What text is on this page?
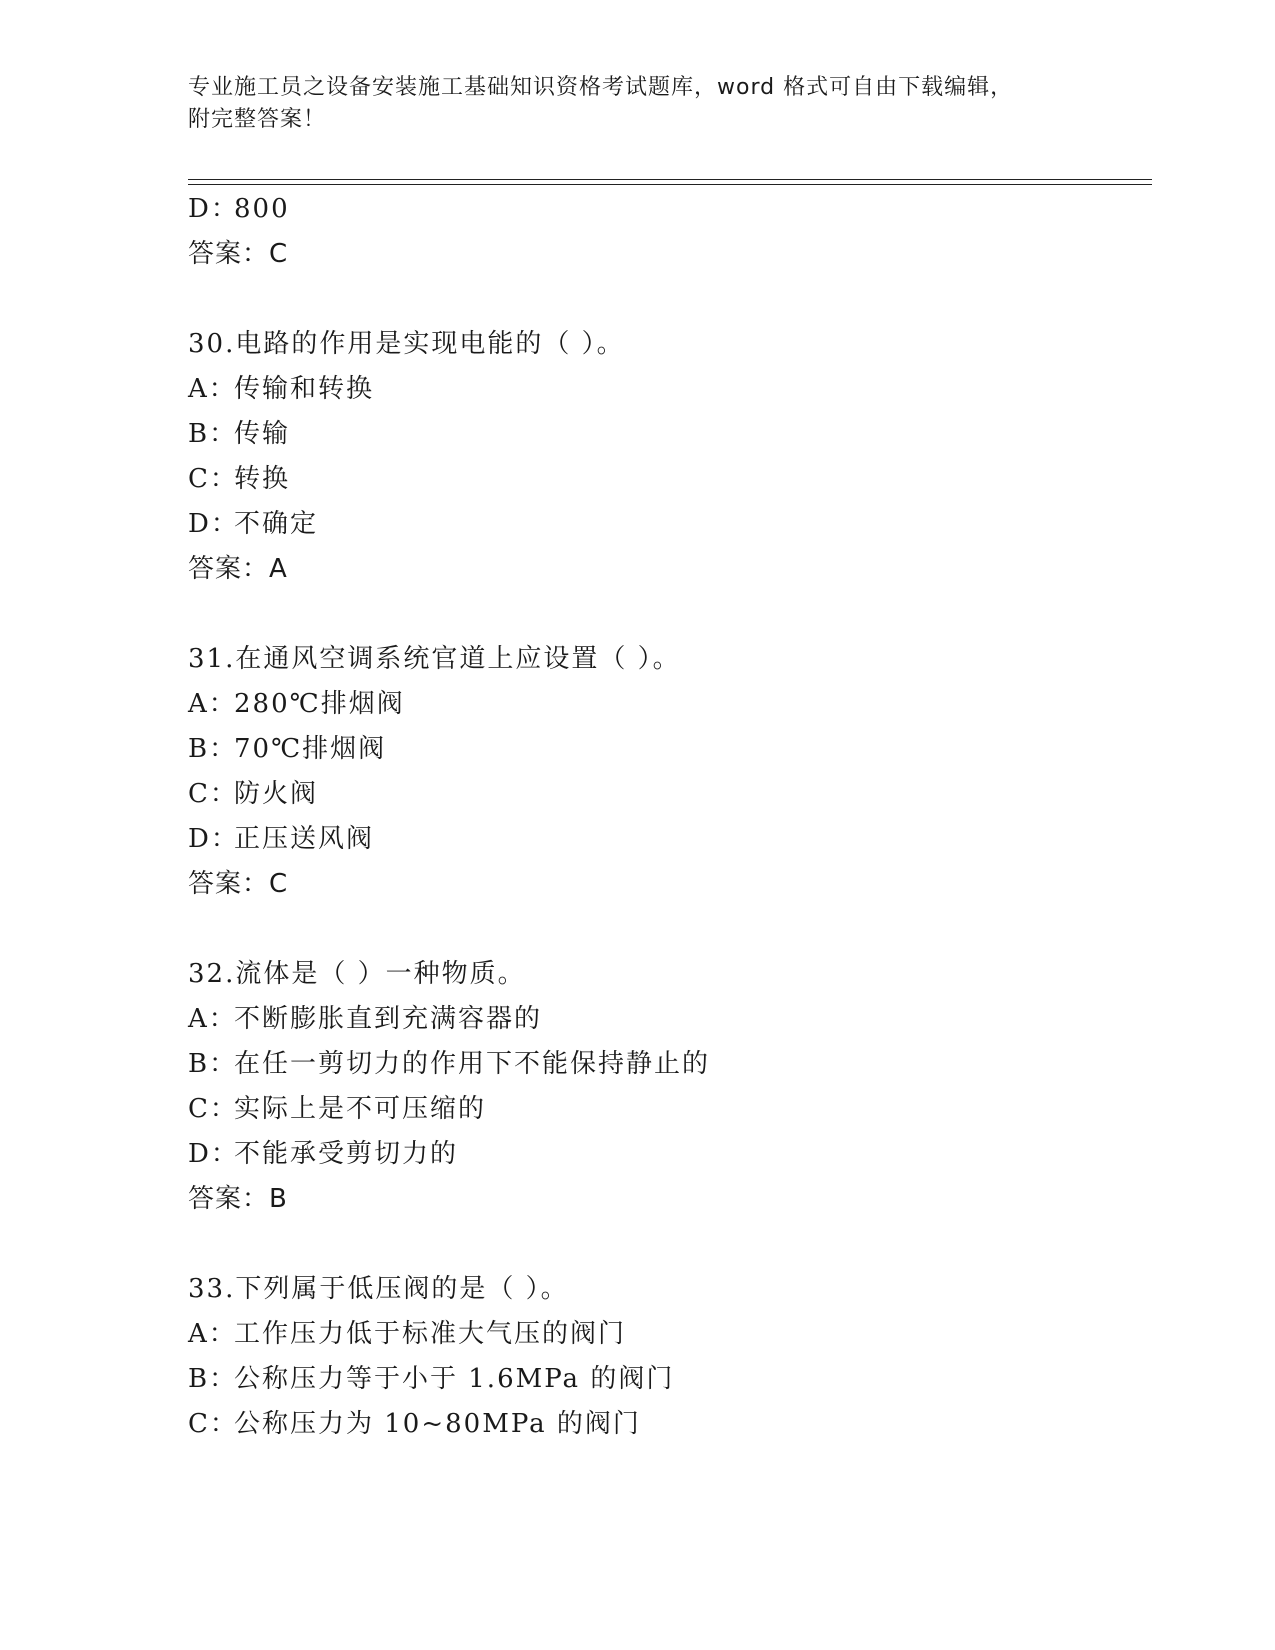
专业施工员之设备安装施工基础知识资格考试题库，word 格式可自由下载编辑，
附完整答案！
D：800
答案：C
30.电路的作用是实现电能的（ ）。
A：传输和转换
B：传输
C：转换
D：不确定
答案：A
31.在通风空调系统官道上应设置（ ）。
A：280℃排烟阀
B：70℃排烟阀
C：防火阀
D：正压送风阀
答案：C
32.流体是（ ）一种物质。
A：不断膨胀直到充满容器的
B：在任一剪切力的作用下不能保持静止的
C：实际上是不可压缩的
D：不能承受剪切力的
答案：B
33.下列属于低压阀的是（ ）。
A：工作压力低于标准大气压的阀门
B：公称压力等于小于 1.6MPa 的阀门
C：公称压力为 10~80MPa 的阀门
